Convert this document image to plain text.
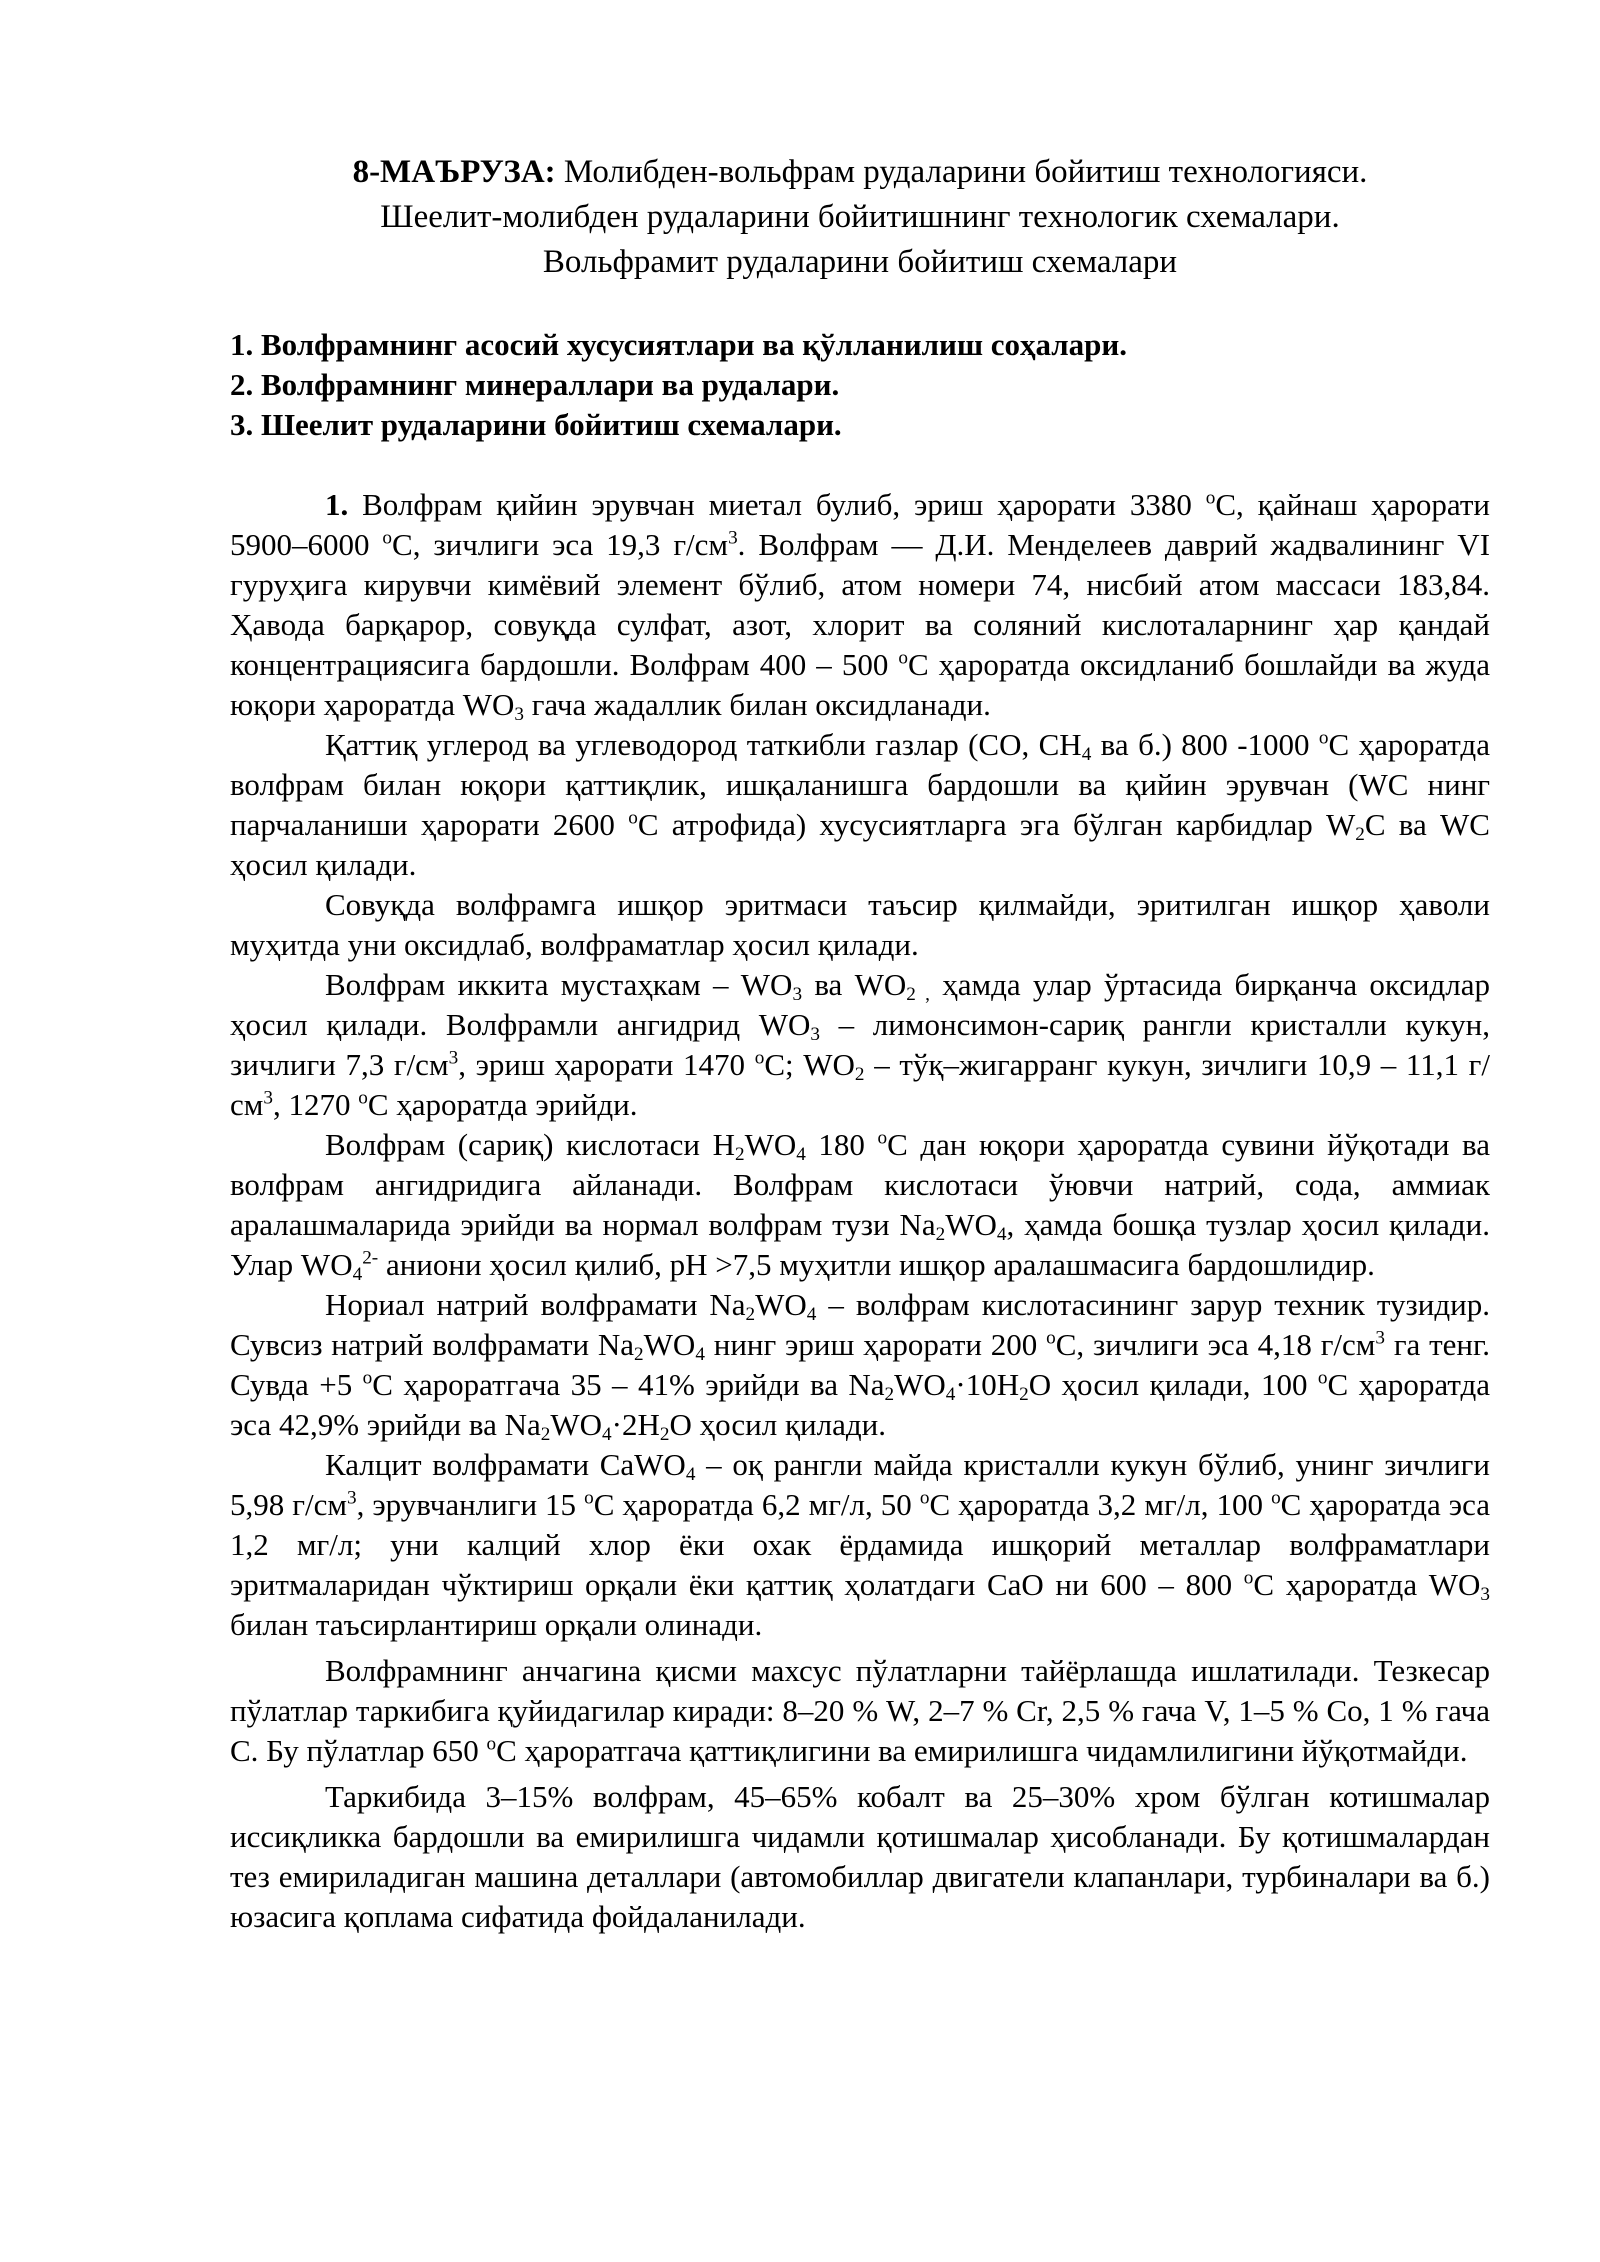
8-МАЪРУЗА: Молибден-вольфрам рудаларини бойитиш технологияси.
Шеелит-молибден рудаларини бойитишнинг технологик схемалари.
Вольфрамит рудаларини бойитиш схемалари
1. Волфрамнинг асосий хусусиятлари ва қўлланилиш соҳалари.
2. Волфрамнинг минераллари ва рудалари.
3. Шеелит рудаларини бойитиш схемалари.

1. Волфрам қийин эрувчан миетал булиб, эриш ҳарорати 3380 $^o$С, қайнаш ҳарорати 5900–6000 $^o$С, зичлиги эса 19,3 $г/см^3$. Волфрам — Д.И. Менделеев даврий жадвалининг VI гуруҳига кирувчи кимёвий элемент бўлиб, атом номери 74, нисбий атом массаси 183,84. Ҳавода барқарор, совуқда сулфат, азот, хлорит ва соляний кислоталарнинг ҳар қандай концентрациясига бардошли. Волфрам 400 – 500 $^o$С ҳароратда оксидланиб бошлайди ва жуда юқори ҳароратда $WO_3$ гача жадаллик билан оксидланади.

Қаттиқ углерод ва углеводород таткибли газлар (CO, $CH_4$ ва б.) 800 -1000 $^o$С ҳароратда волфрам билан юқори қаттиқлик, ишқаланишга бардошли ва қийин эрувчан (WC нинг парчаланиши ҳарорати 2600 $^o$С атрофида) хусусиятларга эга бўлган карбидлар $W_2C$ ва WC ҳосил қилади.

Совуқда волфрамга ишқор эритмаси таъсир қилмайди, эритилган ишқор ҳаволи муҳитда уни оксидлаб, волфраматлар ҳосил қилади.

Волфрам иккита мустаҳкам – $WO_3$ ва $WO_2$ $_,$ ҳамда улар ўртасида бирқанча оксидлар ҳосил қилади. Волфрамли ангидрид $WO_3$ – лимонсимон-сариқ рангли кристалли кукун, зичлиги 7,3 $г/см^3$, эриш ҳарорати 1470 $^o$С; $WO_2$ – тўқ–жигарранг кукун, зичлиги 10,9 – 11,1 $г/см^3$, 1270 $^o$С ҳароратда эрийди.

Волфрам (сариқ) кислотаси $H_2WO_4$ 180 $^o$С дан юқори ҳароратда сувини йўқотади ва волфрам ангидридига айланади. Волфрам кислотаси ўювчи натрий, сода, аммиак аралашмаларида эрийди ва нормал волфрам тузи $Na_2WO_4$, ҳамда бошқа тузлар ҳосил қилади. Улар $WO_4^{2-}$ аниони ҳосил қилиб, pH >7,5 муҳитли ишқор аралашмасига бардошлидир.

Нориал натрий волфрамати $Na_2WO_4$ – волфрам кислотасининг зарур техник тузидир. Сувсиз натрий волфрамати $Na_2WO_4$ нинг эриш ҳарорати 200 $^o$С, зичлиги эса 4,18 $г/см^3$ га тенг. Сувда +5 $^o$С ҳароратгача 35 – 41% эрийди ва $Na_2WO_4\cdot 10H_2O$ ҳосил қилади, 100 $^o$С ҳароратда эса 42,9% эрийди ва $Na_2WO_4\cdot 2H_2O$ ҳосил қилади.

Калцит волфрамати CaWO$_4$ – оқ рангли майда кристалли кукун бўлиб, унинг зичлиги 5,98 $г/см^3$, эрувчанлиги 15 $^o$С ҳароратда 6,2 мг/л, 50 $^o$С ҳароратда 3,2 мг/л, 100 $^o$С ҳароратда эса 1,2 мг/л; уни калций хлор ёки охак ёрдамида ишқорий металлар волфраматлари эритмаларидан чўктириш орқали ёки қаттиқ ҳолатдаги CaO ни 600 – 800 $^o$С ҳароратда $WO_3$ билан таъсирлантириш орқали олинади.

Волфрамнинг анчагина қисми махсус пўлатларни тайёрлашда ишлатилади. Тезкесар пўлатлар таркибига қуйидагилар киради: 8–20 % W, 2–7 % Cr, 2,5 % гача V, 1–5 % Co, 1 % гача C. Бу пўлатлар 650 $^o$С ҳароратгача қаттиқлигини ва емирилишга чидамлилигини йўқотмайди.

Таркибида 3–15% волфрам, 45–65% кобалт ва 25–30% хром бўлган котишмалар иссиқликка бардошли ва емирилишга чидамли қотишмалар ҳисобланади. Бу қотишмалардан тез емириладиган машина деталлари (автомобиллар двигатели клапанлари, турбиналари ва б.) юзасига қоплама сифатида фойдаланилади.
